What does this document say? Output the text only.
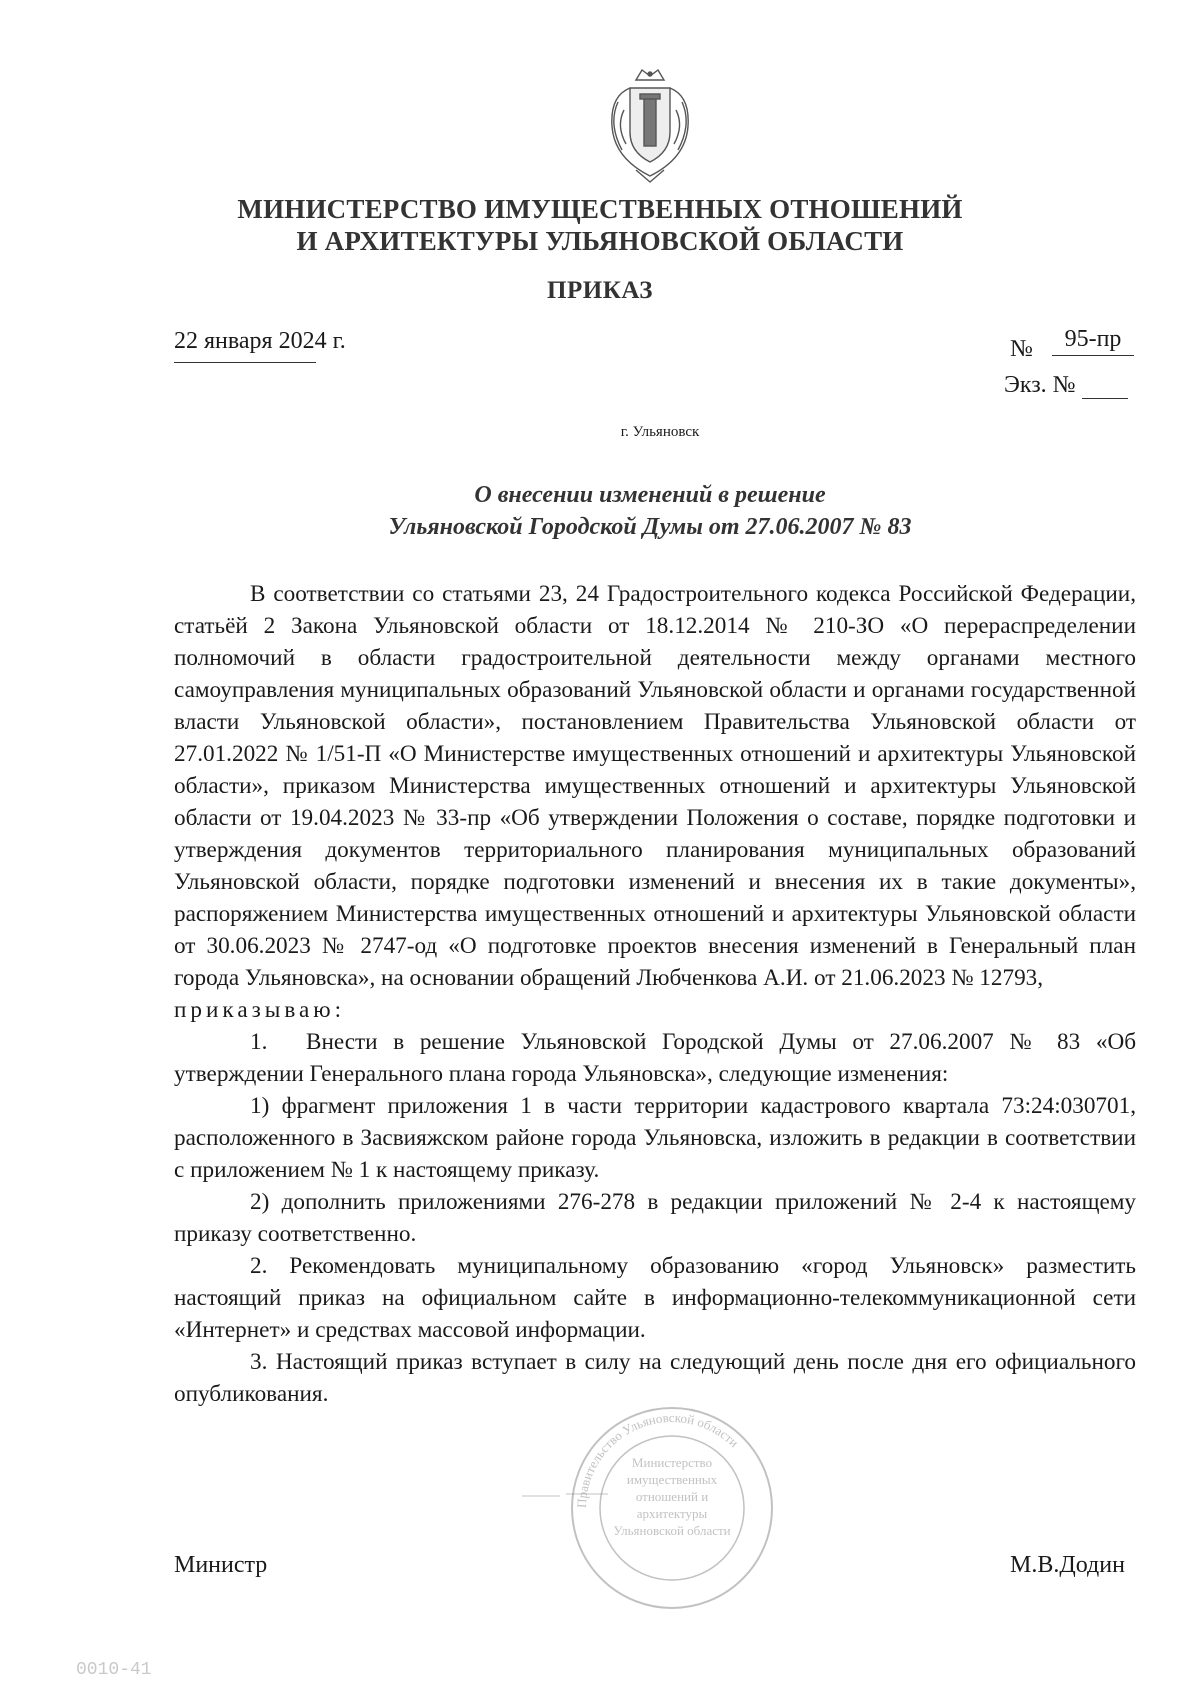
МИНИСТЕРСТВО ИМУЩЕСТВЕННЫХ ОТНОШЕНИЙ
И АРХИТЕКТУРЫ УЛЬЯНОВСКОЙ ОБЛАСТИ
ПРИКАЗ
22 января 2024 г.	№	95-пр
Экз. №
г. Ульяновск
О внесении изменений в решение
Ульяновской Городской Думы от 27.06.2007 № 83

В соответствии со статьями 23, 24 Градостроительного кодекса Российской Федерации, статьёй 2 Закона Ульяновской области от 18.12.2014 № 210-ЗО «О перераспределении полномочий в области градостроительной деятельности между органами местного самоуправления муниципальных образований Ульяновской области и органами государственной власти Ульяновской области», постановлением Правительства Ульяновской области от 27.01.2022 № 1/51-П «О Министерстве имущественных отношений и архитектуры Ульяновской области», приказом Министерства имущественных отношений и архитектуры Ульяновской области от 19.04.2023 № 33-пр «Об утверждении Положения о составе, порядке подготовки и утверждения документов территориального планирования муниципальных образований Ульяновской области, порядке подготовки изменений и внесения их в такие документы», распоряжением Министерства имущественных отношений и архитектуры Ульяновской области от 30.06.2023 № 2747-од «О подготовке проектов внесения изменений в Генеральный план города Ульяновска», на основании обращений Любченкова А.И. от 21.06.2023 № 12793,

приказываю:

1. Внести в решение Ульяновской Городской Думы от 27.06.2007 № 83 «Об утверждении Генерального плана города Ульяновска», следующие изменения:

1) фрагмент приложения 1 в части территории кадастрового квартала 73:24:030701, расположенного в Засвияжском районе города Ульяновска, изложить в редакции в соответствии с приложением № 1 к настоящему приказу.

2) дополнить приложениями 276-278 в редакции приложений № 2-4 к настоящему приказу соответственно.

2. Рекомендовать муниципальному образованию «город Ульяновск» разместить настоящий приказ на официальном сайте в информационно-телекоммуникационной сети «Интернет» и средствах массовой информации.

3. Настоящий приказ вступает в силу на следующий день после дня его официального опубликования.

Правительство Ульяновской области
Министерство имущественных отношений и архитектуры Ульяновской области
Министр	М.В.Додин
0010-41
